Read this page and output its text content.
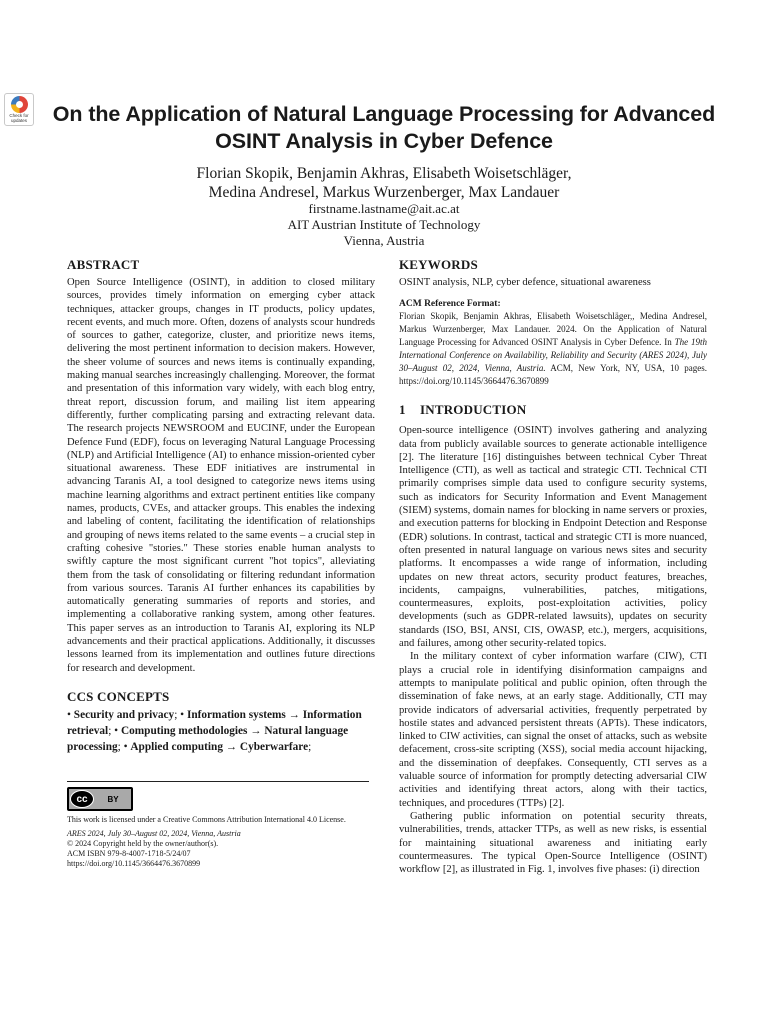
Check for
updates	On the Application of Natural Language Processing for Advanced
OSINT Analysis in Cyber Defence
Florian Skopik, Benjamin Akhras, Elisabeth Woisetschläger,
Medina Andresel, Markus Wurzenberger, Max Landauer
firstname.lastname@ait.ac.at
AIT Austrian Institute of Technology
Vienna, Austria
ABSTRACT

Open Source Intelligence (OSINT), in addition to closed military sources, provides timely information on emerging cyber attack techniques, attacker groups, changes in IT products, policy updates, recent events, and much more. Often, dozens of analysts scour hundreds of sources to gather, categorize, cluster, and prioritize news items, delivering the most pertinent information to decision makers. However, the sheer volume of sources and news items is continually expanding, making manual searches increasingly challenging. Moreover, the format and presentation of this information vary widely, with each blog entry, threat report, discussion forum, and mailing list item appearing differently, further complicating parsing and extracting relevant data. The research projects NEWSROOM and EUCINF, under the European Defence Fund (EDF), focus on leveraging Natural Language Processing (NLP) and Artificial Intelligence (AI) to enhance mission-oriented cyber situational awareness. These EDF initiatives are instrumental in advancing Taranis AI, a tool designed to categorize news items using machine learning algorithms and extract pertinent entities like company names, products, CVEs, and attacker groups. This enables the indexing and labeling of content, facilitating the identification of relationships and grouping of news items related to the same events – a crucial step in crafting cohesive "stories." These stories enable human analysts to swiftly capture the most significant current "hot topics", alleviating them from the task of consolidating or filtering redundant information from various sources. Taranis AI further enhances its capabilities by automatically generating summaries of reports and stories, and implementing a collaborative ranking system, among other features. This paper serves as an introduction to Taranis AI, exploring its NLP advancements and their practical applications. Additionally, it discusses lessons learned from its implementation and outlines future directions for research and development.

CCS CONCEPTS
• Security and privacy; • Information systems → Information retrieval; • Computing methodologies → Natural language processing; • Applied computing → Cyberwarfare;
cc	BY
This work is licensed under a Creative Commons Attribution International 4.0 License.
ARES 2024, July 30–August 02, 2024, Vienna, Austria
© 2024 Copyright held by the owner/author(s).
ACM ISBN 979-8-4007-1718-5/24/07
https://doi.org/10.1145/3664476.3670899
KEYWORDS

OSINT analysis, NLP, cyber defence, situational awareness

ACM Reference Format:

Florian Skopik, Benjamin Akhras, Elisabeth Woisetschläger,, Medina Andresel, Markus Wurzenberger, Max Landauer. 2024. On the Application of Natural Language Processing for Advanced OSINT Analysis in Cyber Defence. In The 19th International Conference on Availability, Reliability and Security (ARES 2024), July 30–August 02, 2024, Vienna, Austria. ACM, New York, NY, USA, 10 pages. https://doi.org/10.1145/3664476.3670899

1 INTRODUCTION

Open-source intelligence (OSINT) involves gathering and analyzing data from publicly available sources to generate actionable intelligence [2]. The literature [16] distinguishes between technical Cyber Threat Intelligence (CTI), as well as tactical and strategic CTI. Technical CTI primarily comprises simple data used to configure security systems, such as indicators for Security Information and Event Management (SIEM) systems, domain names for blocking in name servers or proxies, and execution patterns for blocking in Endpoint Detection and Response (EDR) solutions. In contrast, tactical and strategic CTI is more nuanced, often presented in natural language on various news sites and security platforms. It encompasses a wide range of information, including updates on new threat actors, security product features, breaches, incidents, campaigns, vulnerabilities, patches, mitigations, countermeasures, exploits, post-exploitation activities, policy developments (such as GDPR-related lawsuits), updates on security standards (ISO, BSI, ANSI, CIS, OWASP, etc.), mergers, acquisitions, and failures, among other security-related topics.

In the military context of cyber information warfare (CIW), CTI plays a crucial role in identifying disinformation campaigns and attempts to manipulate political and public opinion, often through the dissemination of fake news, at an early stage. Additionally, CTI may provide indicators of adversarial activities, frequently perpetrated by hostile states and advanced persistent threats (APTs). These indicators, linked to CIW activities, can signal the onset of attacks, such as website defacement, cross-site scripting (XSS), social media account hijacking, and the dissemination of deepfakes. Consequently, CTI serves as a valuable source of information for promptly detecting adversarial CIW activities and identifying threat actors, along with their tactics, techniques, and procedures (TTPs) [2].

Gathering public information on potential security threats, vulnerabilities, trends, attacker TTPs, as well as new risks, is essential for maintaining situational awareness and initiating early countermeasures. The typical Open-Source Intelligence (OSINT) workflow [2], as illustrated in Fig. 1, involves five phases: (i) direction
